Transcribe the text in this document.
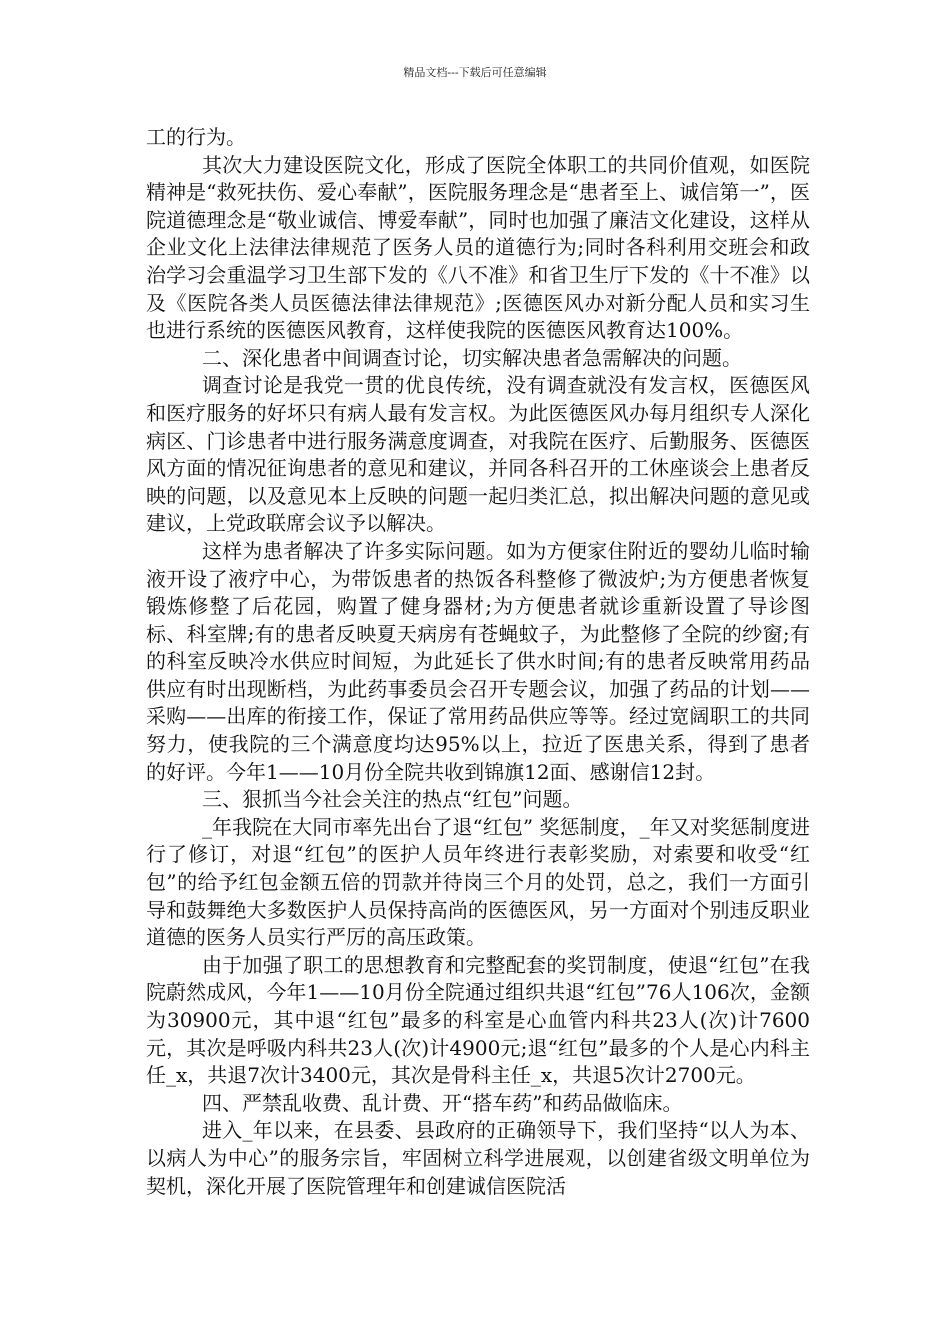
精品文档---下载后可任意编辑

工的行为。

其次大力建设医院文化，形成了医院全体职工的共同价值观，如医院精神是“救死扶伤、爱心奉献”，医院服务理念是“患者至上、诚信第一”，医院道德理念是“敬业诚信、博爱奉献”，同时也加强了廉洁文化建设，这样从企业文化上法律法律规范了医务人员的道德行为;同时各科利用交班会和政治学习会重温学习卫生部下发的《八不准》和省卫生厅下发的《十不准》以及《医院各类人员医德法律法律规范》;医德医风办对新分配人员和实习生也进行系统的医德医风教育，这样使我院的医德医风教育达100%。

二、深化患者中间调查讨论，切实解决患者急需解决的问题。

调查讨论是我党一贯的优良传统，没有调查就没有发言权，医德医风和医疗服务的好坏只有病人最有发言权。为此医德医风办每月组织专人深化病区、门诊患者中进行服务满意度调查，对我院在医疗、后勤服务、医德医风方面的情况征询患者的意见和建议，并同各科召开的工休座谈会上患者反映的问题，以及意见本上反映的问题一起归类汇总，拟出解决问题的意见或建议，上党政联席会议予以解决。

这样为患者解决了许多实际问题。如为方便家住附近的婴幼儿临时输液开设了液疗中心，为带饭患者的热饭各科整修了微波炉;为方便患者恢复锻炼修整了后花园，购置了健身器材;为方便患者就诊重新设置了导诊图标、科室牌;有的患者反映夏天病房有苍蝇蚊子，为此整修了全院的纱窗;有的科室反映冷水供应时间短，为此延长了供水时间;有的患者反映常用药品供应有时出现断档，为此药事委员会召开专题会议，加强了药品的计划——采购——出库的衔接工作，保证了常用药品供应等等。经过宽阔职工的共同努力，使我院的三个满意度均达95%以上，拉近了医患关系，得到了患者的好评。今年1——10月份全院共收到锦旗12面、感谢信12封。

三、狠抓当今社会关注的热点“红包”问题。

_年我院在大同市率先出台了退“红包” 奖惩制度，_年又对奖惩制度进行了修订，对退“红包”的医护人员年终进行表彰奖励，对索要和收受“红包”的给予红包金额五倍的罚款并待岗三个月的处罚，总之，我们一方面引导和鼓舞绝大多数医护人员保持高尚的医德医风，另一方面对个别违反职业道德的医务人员实行严厉的高压政策。

由于加强了职工的思想教育和完整配套的奖罚制度，使退“红包”在我院蔚然成风，今年1——10月份全院通过组织共退“红包”76人106次，金额为30900元，其中退“红包”最多的科室是心血管内科共23人(次)计7600元，其次是呼吸内科共23人(次)计4900元;退“红包”最多的个人是心内科主任_x，共退7次计3400元，其次是骨科主任_x，共退5次计2700元。

四、严禁乱收费、乱计费、开“搭车药”和药品做临床。

进入_年以来，在县委、县政府的正确领导下，我们坚持“以人为本、以病人为中心”的服务宗旨，牢固树立科学进展观，以创建省级文明单位为契机，深化开展了医院管理年和创建诚信医院活
